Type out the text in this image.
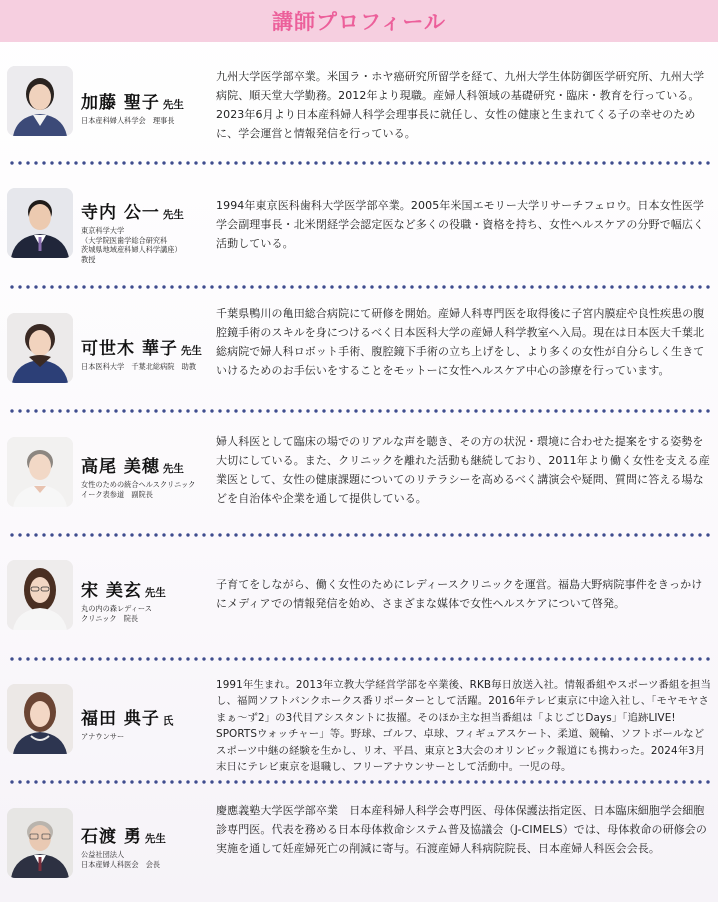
講師プロフィール
加藤 聖子 先生
日本産科婦人科学会　理事長
九州大学医学部卒業。米国ラ・ホヤ癌研究所留学を経て、九州大学生体防御医学研究所、九州大学病院、順天堂大学勤務。2012年より現職。産婦人科領域の基礎研究・臨床・教育を行っている。2023年6月より日本産科婦人科学会理事長に就任し、女性の健康と生まれてくる子の幸せのために、学会運営と情報発信を行っている。
寺内 公一 先生
東京科学大学
（大学院医歯学総合研究科
茨城県地域産科婦人科学講座）
教授
1994年東京医科歯科大学医学部卒業。2005年米国エモリー大学リサーチフェロウ。日本女性医学学会副理事長・北米閉経学会認定医など多くの役職・資格を持ち、女性ヘルスケアの分野で幅広く活動している。
可世木 華子 先生
日本医科大学　千葉北総病院　助教
千葉県鴨川の亀田総合病院にて研修を開始。産婦人科専門医を取得後に子宮内膜症や良性疾患の腹腔鏡手術のスキルを身につけるべく日本医科大学の産婦人科学教室へ入局。現在は日本医大千葉北総病院で婦人科ロボット手術、腹腔鏡下手術の立ち上げをし、より多くの女性が自分らしく生きていけるためのお手伝いをすることをモットーに女性ヘルスケア中心の診療を行っています。
高尾 美穂 先生
女性のための統合ヘルスクリニック
イーク表参道　副院長
婦人科医として臨床の場でのリアルな声を聴き、その方の状況・環境に合わせた提案をする姿勢を大切にしている。また、クリニックを離れた活動も継続しており、2011年より働く女性を支える産業医として、女性の健康課題についてのリテラシーを高めるべく講演会や疑問、質問に答える場などを自治体や企業を通して提供している。
宋 美玄 先生
丸の内の森レディース
クリニック　院長
子育てをしながら、働く女性のためにレディースクリニックを運営。福島大野病院事件をきっかけにメディアでの情報発信を始め、さまざまな媒体で女性ヘルスケアについて啓発。
福田 典子 氏
アナウンサー
1991年生まれ。2013年立教大学経営学部を卒業後、RKB毎日放送入社。情報番組やスポーツ番組を担当し、福岡ソフトバンクホークス番リポーターとして活躍。2016年テレビ東京に中途入社し、「モヤモヤさまぁ～ず2」の3代目アシスタントに抜擢。そのほか主な担当番組は「よじごじDays」「追跡LIVE! SPORTSウォッチャー」等。野球、ゴルフ、卓球、フィギュアスケート、柔道、競輪、ソフトボールなどスポーツ中継の経験を生かし、リオ、平昌、東京と3大会のオリンピック報道にも携わった。2024年3月末日にテレビ東京を退職し、フリーアナウンサーとして活動中。一児の母。
石渡 勇 先生
公益社団法人
日本産婦人科医会　会長
慶應義塾大学医学部卒業　日本産科婦人科学会専門医、母体保護法指定医、日本臨床細胞学会細胞診専門医。代表を務める日本母体救命システム普及協議会（J-CIMELS）では、母体救命の研修会の実施を通して妊産婦死亡の削減に寄与。石渡産婦人科病院院長、日本産婦人科医会会長。
